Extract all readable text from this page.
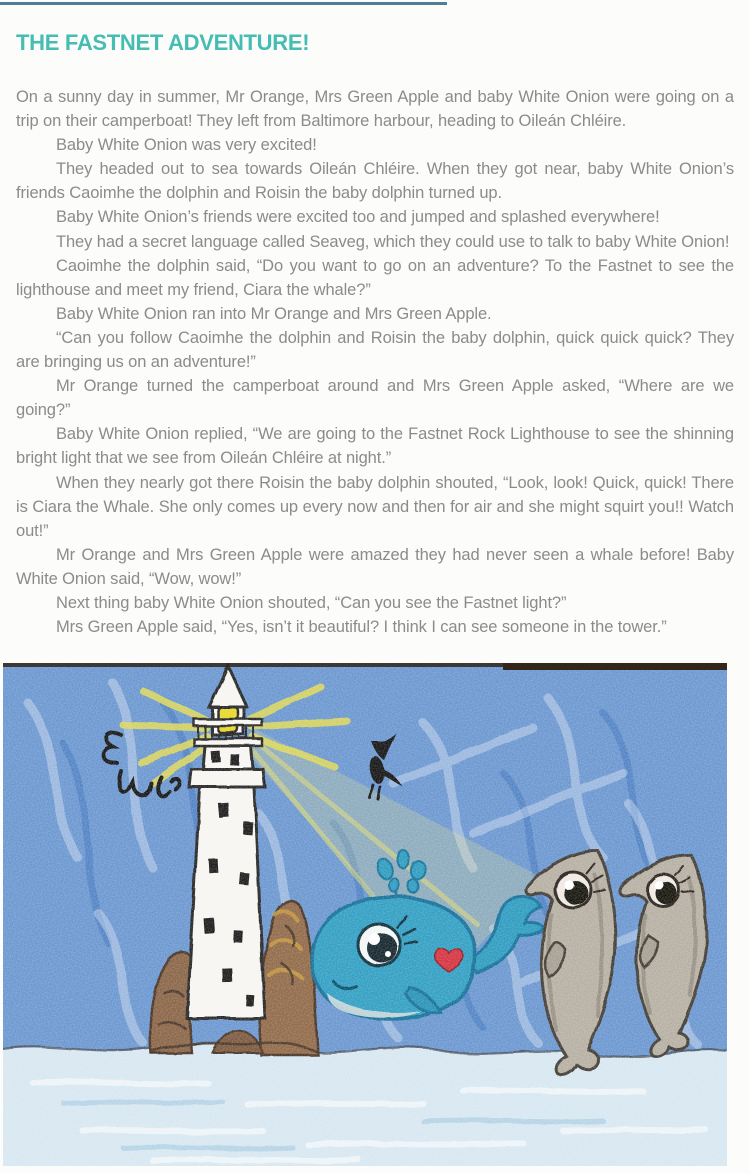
THE FASTNET ADVENTURE!

On a sunny day in summer, Mr Orange, Mrs Green Apple and baby White Onion were going on a trip on their camperboat! They left from Baltimore harbour, heading to Oileán Chléire.

Baby White Onion was very excited!

They headed out to sea towards Oileán Chléire. When they got near, baby White Onion’s friends Caoimhe the dolphin and Roisin the baby dolphin turned up.

Baby White Onion’s friends were excited too and jumped and splashed everywhere!

They had a secret language called Seaveg, which they could use to talk to baby White Onion!

Caoimhe the dolphin said, “Do you want to go on an adventure? To the Fastnet to see the lighthouse and meet my friend, Ciara the whale?”

Baby White Onion ran into Mr Orange and Mrs Green Apple.

“Can you follow Caoimhe the dolphin and Roisin the baby dolphin, quick quick quick? They are bringing us on an adventure!”

Mr Orange turned the camperboat around and Mrs Green Apple asked, “Where are we going?”

Baby White Onion replied, “We are going to the Fastnet Rock Lighthouse to see the shinning bright light that we see from Oileán Chléire at night.”

When they nearly got there Roisin the baby dolphin shouted, “Look, look! Quick, quick! There is Ciara the Whale. She only comes up every now and then for air and she might squirt you!! Watch out!”

Mr Orange and Mrs Green Apple were amazed they had never seen a whale before! Baby White Onion said, “Wow, wow!”

Next thing baby White Onion shouted, “Can you see the Fastnet light?”

Mrs Green Apple said, “Yes, isn’t it beautiful? I think I can see someone in the tower.”
